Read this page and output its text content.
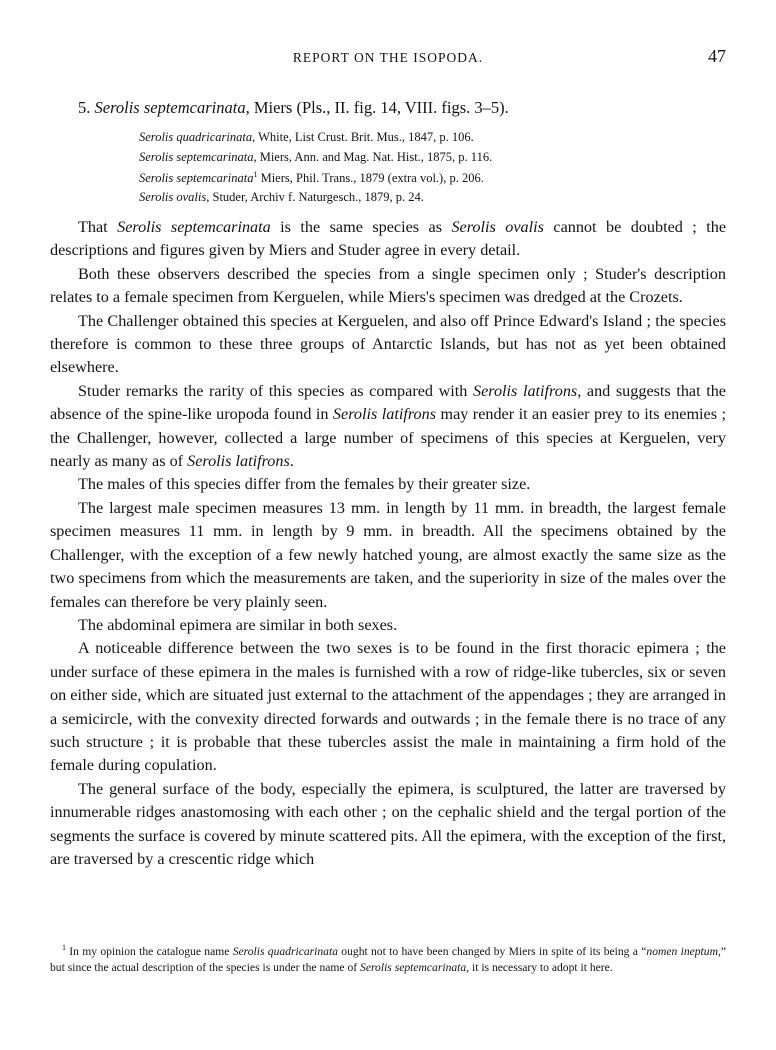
REPORT ON THE ISOPODA.	47
5. Serolis septemcarinata, Miers (Pls., II. fig. 14, VIII. figs. 3–5).
Serolis quadricarinata, White, List Crust. Brit. Mus., 1847, p. 106.
Serolis septemcarinata, Miers, Ann. and Mag. Nat. Hist., 1875, p. 116.
Serolis septemcarinata$^1$ Miers, Phil. Trans., 1879 (extra vol.), p. 206.
Serolis ovalis, Studer, Archiv f. Naturgesch., 1879, p. 24.

That Serolis septemcarinata is the same species as Serolis ovalis cannot be doubted ; the descriptions and figures given by Miers and Studer agree in every detail.

Both these observers described the species from a single specimen only ; Studer's description relates to a female specimen from Kerguelen, while Miers's specimen was dredged at the Crozets.

The Challenger obtained this species at Kerguelen, and also off Prince Edward's Island ; the species therefore is common to these three groups of Antarctic Islands, but has not as yet been obtained elsewhere.

Studer remarks the rarity of this species as compared with Serolis latifrons, and suggests that the absence of the spine-like uropoda found in Serolis latifrons may render it an easier prey to its enemies ; the Challenger, however, collected a large number of specimens of this species at Kerguelen, very nearly as many as of Serolis latifrons.

The males of this species differ from the females by their greater size.

The largest male specimen measures 13 mm. in length by 11 mm. in breadth, the largest female specimen measures 11 mm. in length by 9 mm. in breadth. All the specimens obtained by the Challenger, with the exception of a few newly hatched young, are almost exactly the same size as the two specimens from which the measurements are taken, and the superiority in size of the males over the females can therefore be very plainly seen.

The abdominal epimera are similar in both sexes.

A noticeable difference between the two sexes is to be found in the first thoracic epimera ; the under surface of these epimera in the males is furnished with a row of ridge-like tubercles, six or seven on either side, which are situated just external to the attachment of the appendages ; they are arranged in a semicircle, with the convexity directed forwards and outwards ; in the female there is no trace of any such structure ; it is probable that these tubercles assist the male in maintaining a firm hold of the female during copulation.

The general surface of the body, especially the epimera, is sculptured, the latter are traversed by innumerable ridges anastomosing with each other ; on the cephalic shield and the tergal portion of the segments the surface is covered by minute scattered pits. All the epimera, with the exception of the first, are traversed by a crescentic ridge which

$^1$ In my opinion the catalogue name Serolis quadricarinata ought not to have been changed by Miers in spite of its being a “nomen ineptum,” but since the actual description of the species is under the name of Serolis septemcarinata, it is necessary to adopt it here.
